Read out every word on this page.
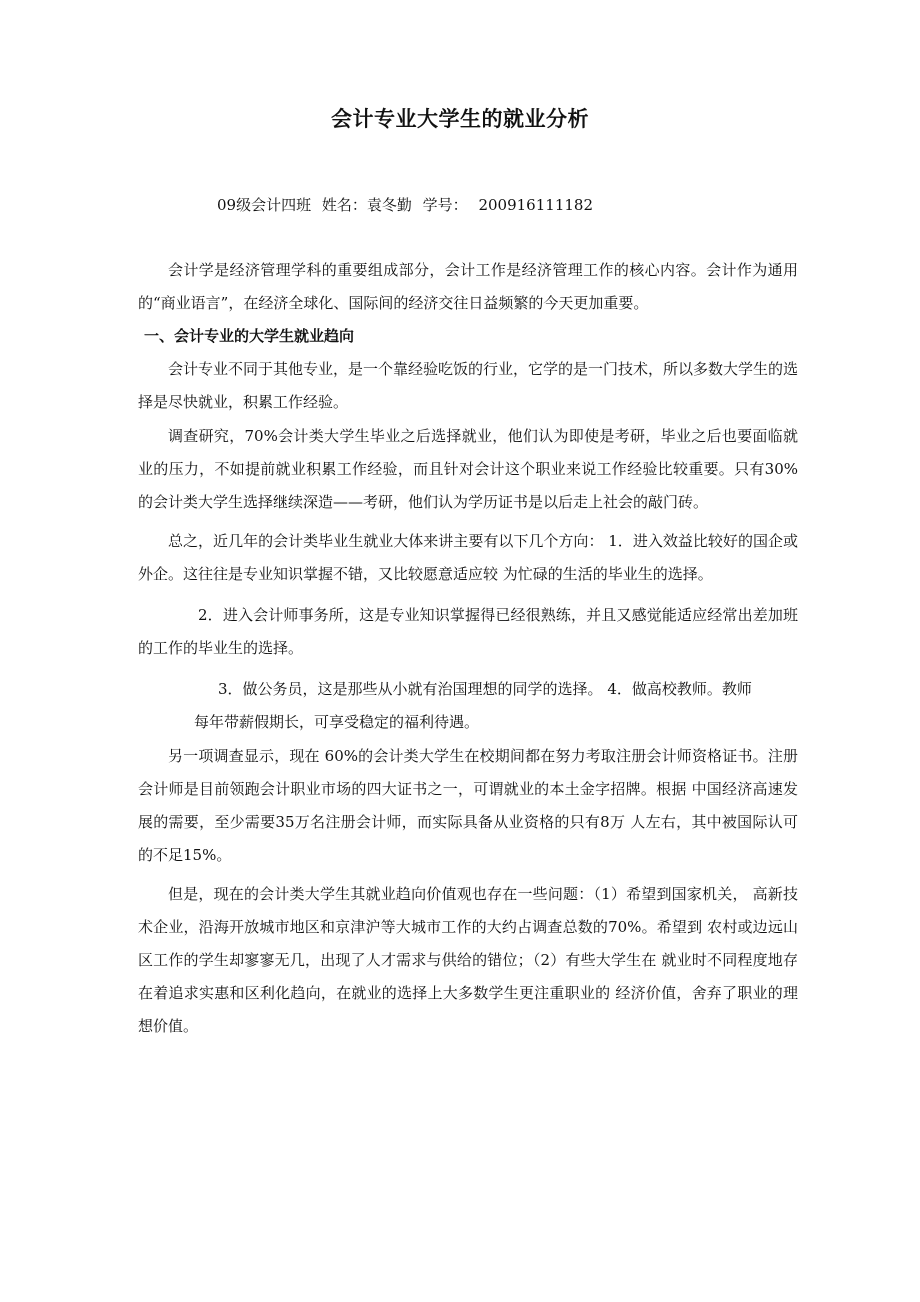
会计专业大学生的就业分析
09级会计四班 姓名：袁冬勤 学号： 200916111182

会计学是经济管理学科的重要组成部分，会计工作是经济管理工作的核心内容。会计作为通用的“商业语言”，在经济全球化、国际间的经济交往日益频繁的今天更加重要。

一、会计专业的大学生就业趋向

会计专业不同于其他专业，是一个靠经验吃饭的行业，它学的是一门技术，所以多数大学生的选择是尽快就业，积累工作经验。

调查研究，70%会计类大学生毕业之后选择就业，他们认为即使是考研，毕业之后也要面临就业的压力，不如提前就业积累工作经验，而且针对会计这个职业来说工作经验比较重要。只有30%的会计类大学生选择继续深造——考研，他们认为学历证书是以后走上社会的敲门砖。

总之，近几年的会计类毕业生就业大体来讲主要有以下几个方向： 1．进入效益比较好的国企或外企。这往往是专业知识掌握不错，又比较愿意适应较 为忙碌的生活的毕业生的选择。

2．进入会计师事务所，这是专业知识掌握得已经很熟练，并且又感觉能适应经常出差加班的工作的毕业生的选择。

3．做公务员，这是那些从小就有治国理想的同学的选择。 4．做高校教师。教师
每年带薪假期长，可享受稳定的福利待遇。

另一项调查显示，现在 60%的会计类大学生在校期间都在努力考取注册会计师资格证书。注册会计师是目前领跑会计职业市场的四大证书之一，可谓就业的本土金字招牌。根据 中国经济高速发展的需要，至少需要35万名注册会计师，而实际具备从业资格的只有8万 人左右，其中被国际认可的不足15%。

但是，现在的会计类大学生其就业趋向价值观也存在一些问题：（1）希望到国家机关， 高新技术企业，沿海开放城市地区和京津沪等大城市工作的大约占调查总数的70%。希望到 农村或边远山区工作的学生却寥寥无几，出现了人才需求与供给的错位；（2）有些大学生在 就业时不同程度地存在着追求实惠和区利化趋向，在就业的选择上大多数学生更注重职业的 经济价值，舍弃了职业的理想价值。
